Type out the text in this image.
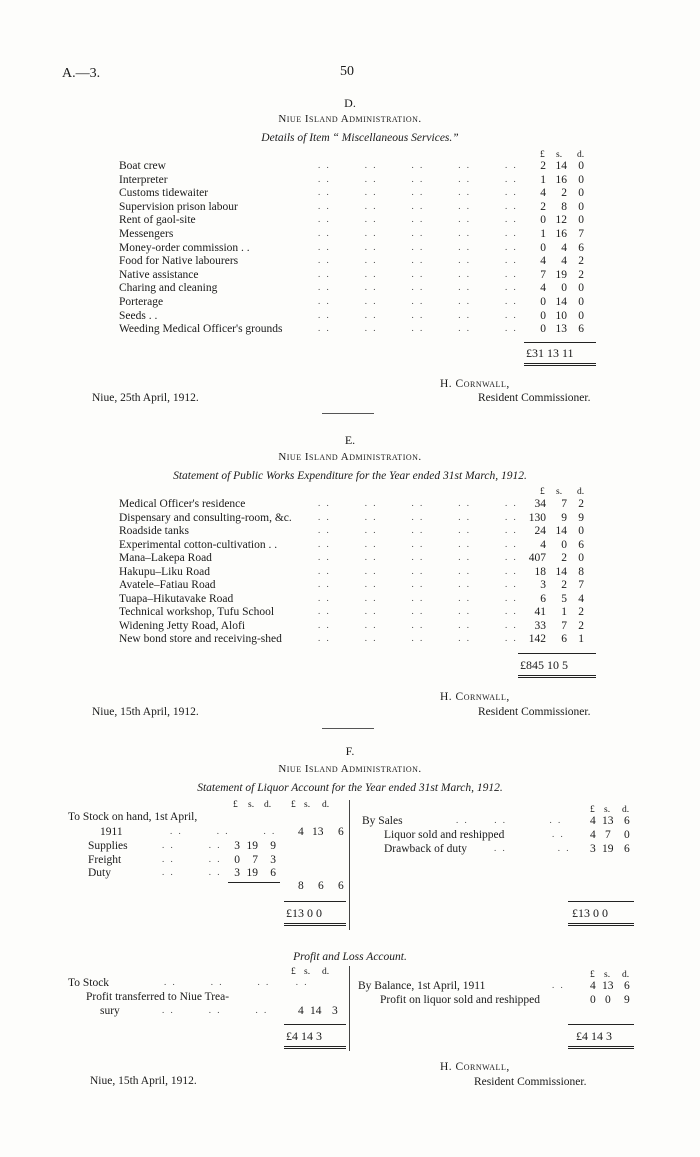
A.—3.	50
D.
Niue Island Administration.
Details of Item “ Miscellaneous Services.”
£ s. d.
Boat crew	. .        . .        . .        . .        . .	2 14 0
Interpreter	. .        . .        . .        . .        . .	1 16 0
Customs tidewaiter	. .        . .        . .        . .        . .	4	2 0
Supervision prison labour	. .        . .        . .        . .        . .	2	8 0
Rent of gaol-site	. .        . .        . .        . .        . .	0 12 0
Messengers	. .        . .        . .        . .        . .	1 16 7
Money-order commission . .	. .        . .        . .        . .        . .	0	4 6
Food for Native labourers	. .        . .        . .        . .        . .	4	4 2
Native assistance	. .        . .        . .        . .        . .	7 19 2
Charing and cleaning	. .        . .        . .        . .        . .	4	0 0
Porterage	. .        . .        . .        . .        . .	0 14 0
Seeds . .	. .        . .        . .        . .        . .	0 10 0
Weeding Medical Officer's grounds	. .        . .        . .        . .        . .	0 13 6
£31 13 11
H. Cornwall,
Resident Commissioner.
Niue, 25th April, 1912.
E.
Niue Island Administration.
Statement of Public Works Expenditure for the Year ended 31st March, 1912.
£ s. d.
Medical Officer's residence	. .        . .        . .        . .        . .	34	7 2
Dispensary and consulting-room, &c.	. .        . .        . .        . .        . . 130	9 9
Roadside tanks	. .        . .        . .        . .        . .	24 14 0
Experimental cotton-cultivation . .	. .        . .        . .        . .        . .	4	0 6
Mana–Lakepa Road	. .        . .        . .        . .        . . 407	2 0
Hakupu–Liku Road	. .        . .        . .        . .        . .	18 14 8
Avatele–Fatiau Road	. .        . .        . .        . .        . .	3	2 7
Tuapa–Hikutavake Road	. .        . .        . .        . .        . .	6	5 4
Technical workshop, Tufu School	. .        . .        . .        . .        . .	41	1 2
Widening Jetty Road, Alofi	. .        . .        . .        . .        . .	33	7 2
New bond store and receiving-shed	. .        . .        . .        . .        . . 142	6 1
£845 10 5
H. Cornwall,
Resident Commissioner.
Niue, 15th April, 1912.
F.
Niue Island Administration.
Statement of Liquor Account for the Year ended 31st March, 1912.
£ s. d. £ s. d.
To Stock on hand, 1st April,
1911	. .        . .        . . 4 13 6
Supplies	. .        . .	3 19	9
Freight	. .        . .	0	7	3
Duty	. .        . .	3 19	6
8 6 6
£13 0 0
£ s. d.
By Sales	. .      . .          . . 4 13 6
Liquor sold and reshipped	. . 4 7 0
Drawback of duty	. .            . . 3 19 6
£13 0 0
Profit and Loss Account.
£ s. d.
To Stock	. .        . .        . .      . .
Profit transferred to Niue Trea-
sury	. .        . .        . .	4 14 3
£4 14 3
£ s. d.
By Balance, 1st April, 1911	. . 4 13 6
Profit on liquor sold and reshipped	0 0 9
£4 14 3
H. Cornwall,
Resident Commissioner.
Niue, 15th April, 1912.
